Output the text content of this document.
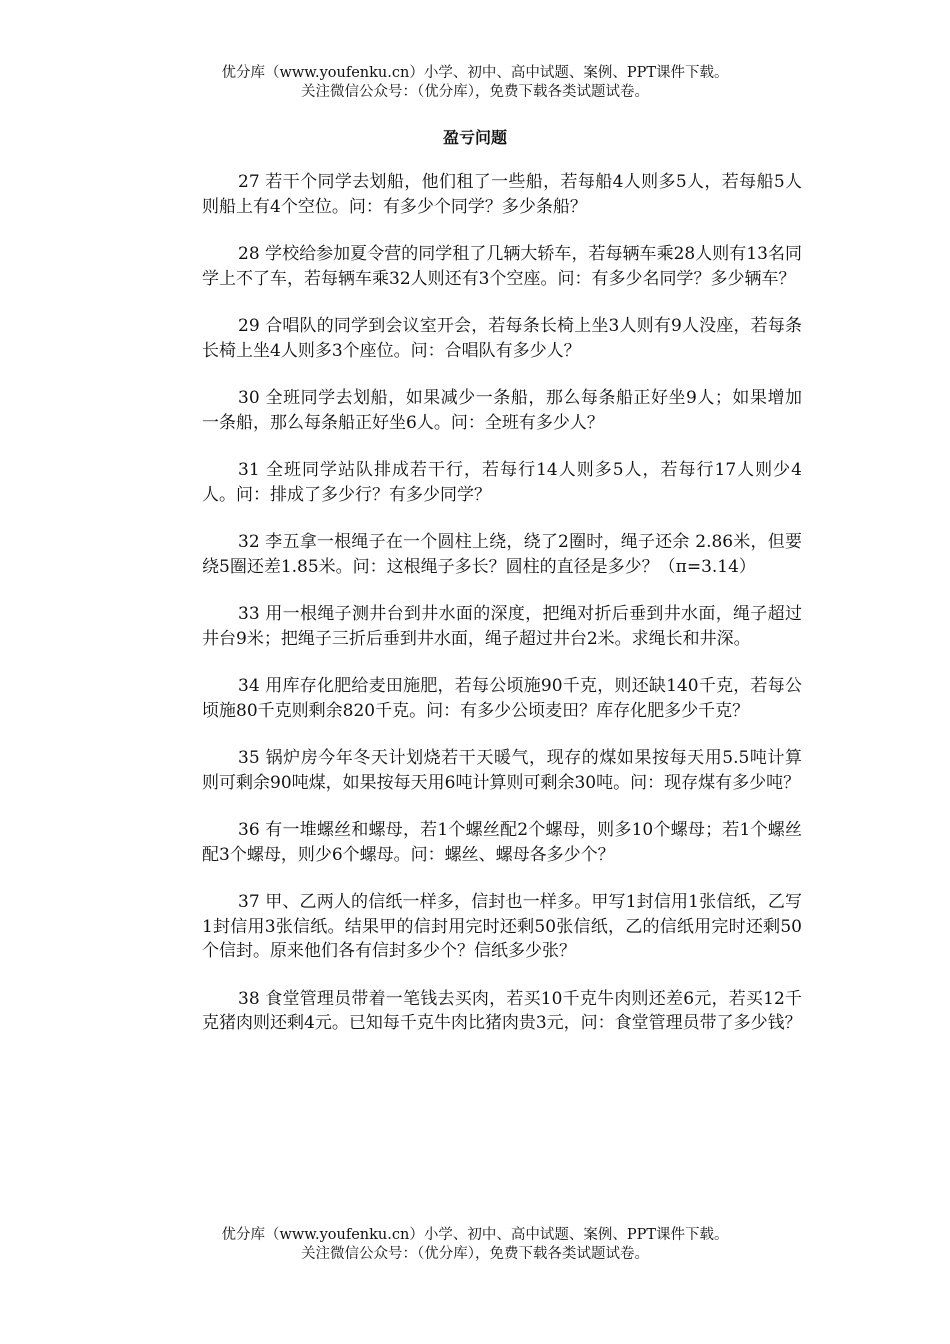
优分库（www.youfenku.cn）小学、初中、高中试题、案例、PPT课件下载。
关注微信公众号：（优分库），免费下载各类试题试卷。
盈亏问题

27 若干个同学去划船，他们租了一些船，若每船4人则多5人，若每船5人则船上有4个空位。问：有多少个同学？多少条船？

28 学校给参加夏令营的同学租了几辆大轿车，若每辆车乘28人则有13名同学上不了车，若每辆车乘32人则还有3个空座。问：有多少名同学？多少辆车？

29 合唱队的同学到会议室开会，若每条长椅上坐3人则有9人没座，若每条长椅上坐4人则多3个座位。问：合唱队有多少人？

30 全班同学去划船，如果减少一条船，那么每条船正好坐9人；如果增加一条船，那么每条船正好坐6人。问：全班有多少人？

31 全班同学站队排成若干行，若每行14人则多5人，若每行17人则少4人。问：排成了多少行？有多少同学？

32 李五拿一根绳子在一个圆柱上绕，绕了2圈时，绳子还余 2.86米，但要绕5圈还差1.85米。问：这根绳子多长？圆柱的直径是多少？（π=3.14）

33 用一根绳子测井台到井水面的深度，把绳对折后垂到井水面，绳子超过井台9米；把绳子三折后垂到井水面，绳子超过井台2米。求绳长和井深。

34 用库存化肥给麦田施肥，若每公顷施90千克，则还缺140千克，若每公顷施80千克则剩余820千克。问：有多少公顷麦田？库存化肥多少千克？

35 锅炉房今年冬天计划烧若干天暖气，现存的煤如果按每天用5.5吨计算则可剩余90吨煤，如果按每天用6吨计算则可剩余30吨。问：现存煤有多少吨？

36 有一堆螺丝和螺母，若1个螺丝配2个螺母，则多10个螺母；若1个螺丝配3个螺母，则少6个螺母。问：螺丝、螺母各多少个？

37 甲、乙两人的信纸一样多，信封也一样多。甲写1封信用1张信纸，乙写1封信用3张信纸。结果甲的信封用完时还剩50张信纸，乙的信纸用完时还剩50个信封。原来他们各有信封多少个？信纸多少张？

38 食堂管理员带着一笔钱去买肉，若买10千克牛肉则还差6元，若买12千克猪肉则还剩4元。已知每千克牛肉比猪肉贵3元，问：食堂管理员带了多少钱？

优分库（www.youfenku.cn）小学、初中、高中试题、案例、PPT课件下载。
关注微信公众号：（优分库），免费下载各类试题试卷。
